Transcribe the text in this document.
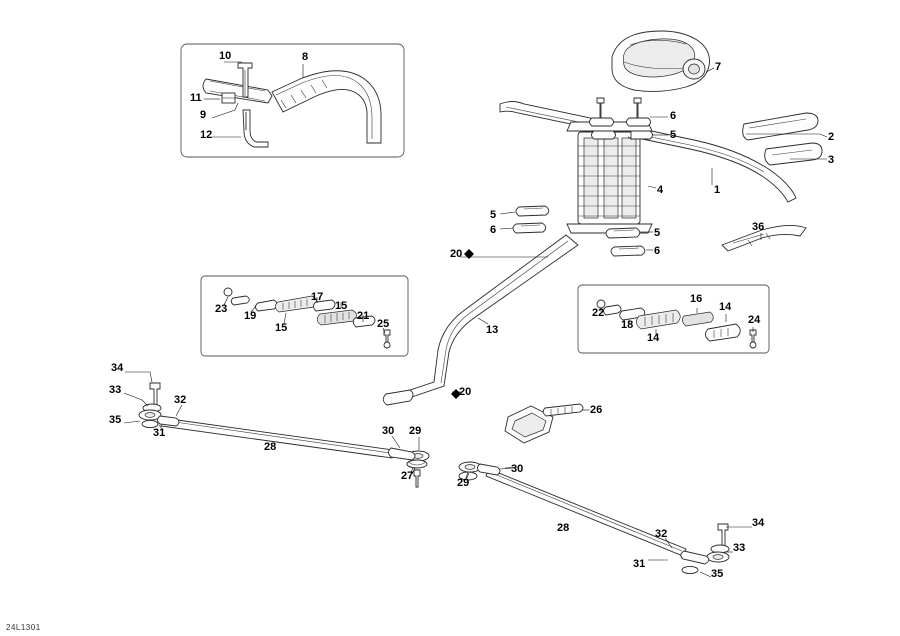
10	8
7
11
9
12	2
6
5
3
4	1
5
6	5
6
36
20
23
17
15
16
14
22
19	21
18	24
15	25
14
13
34
33	20
32
35
26
31	30 29
28
30
27
29
28	34
32
33
31
35
24L1301
